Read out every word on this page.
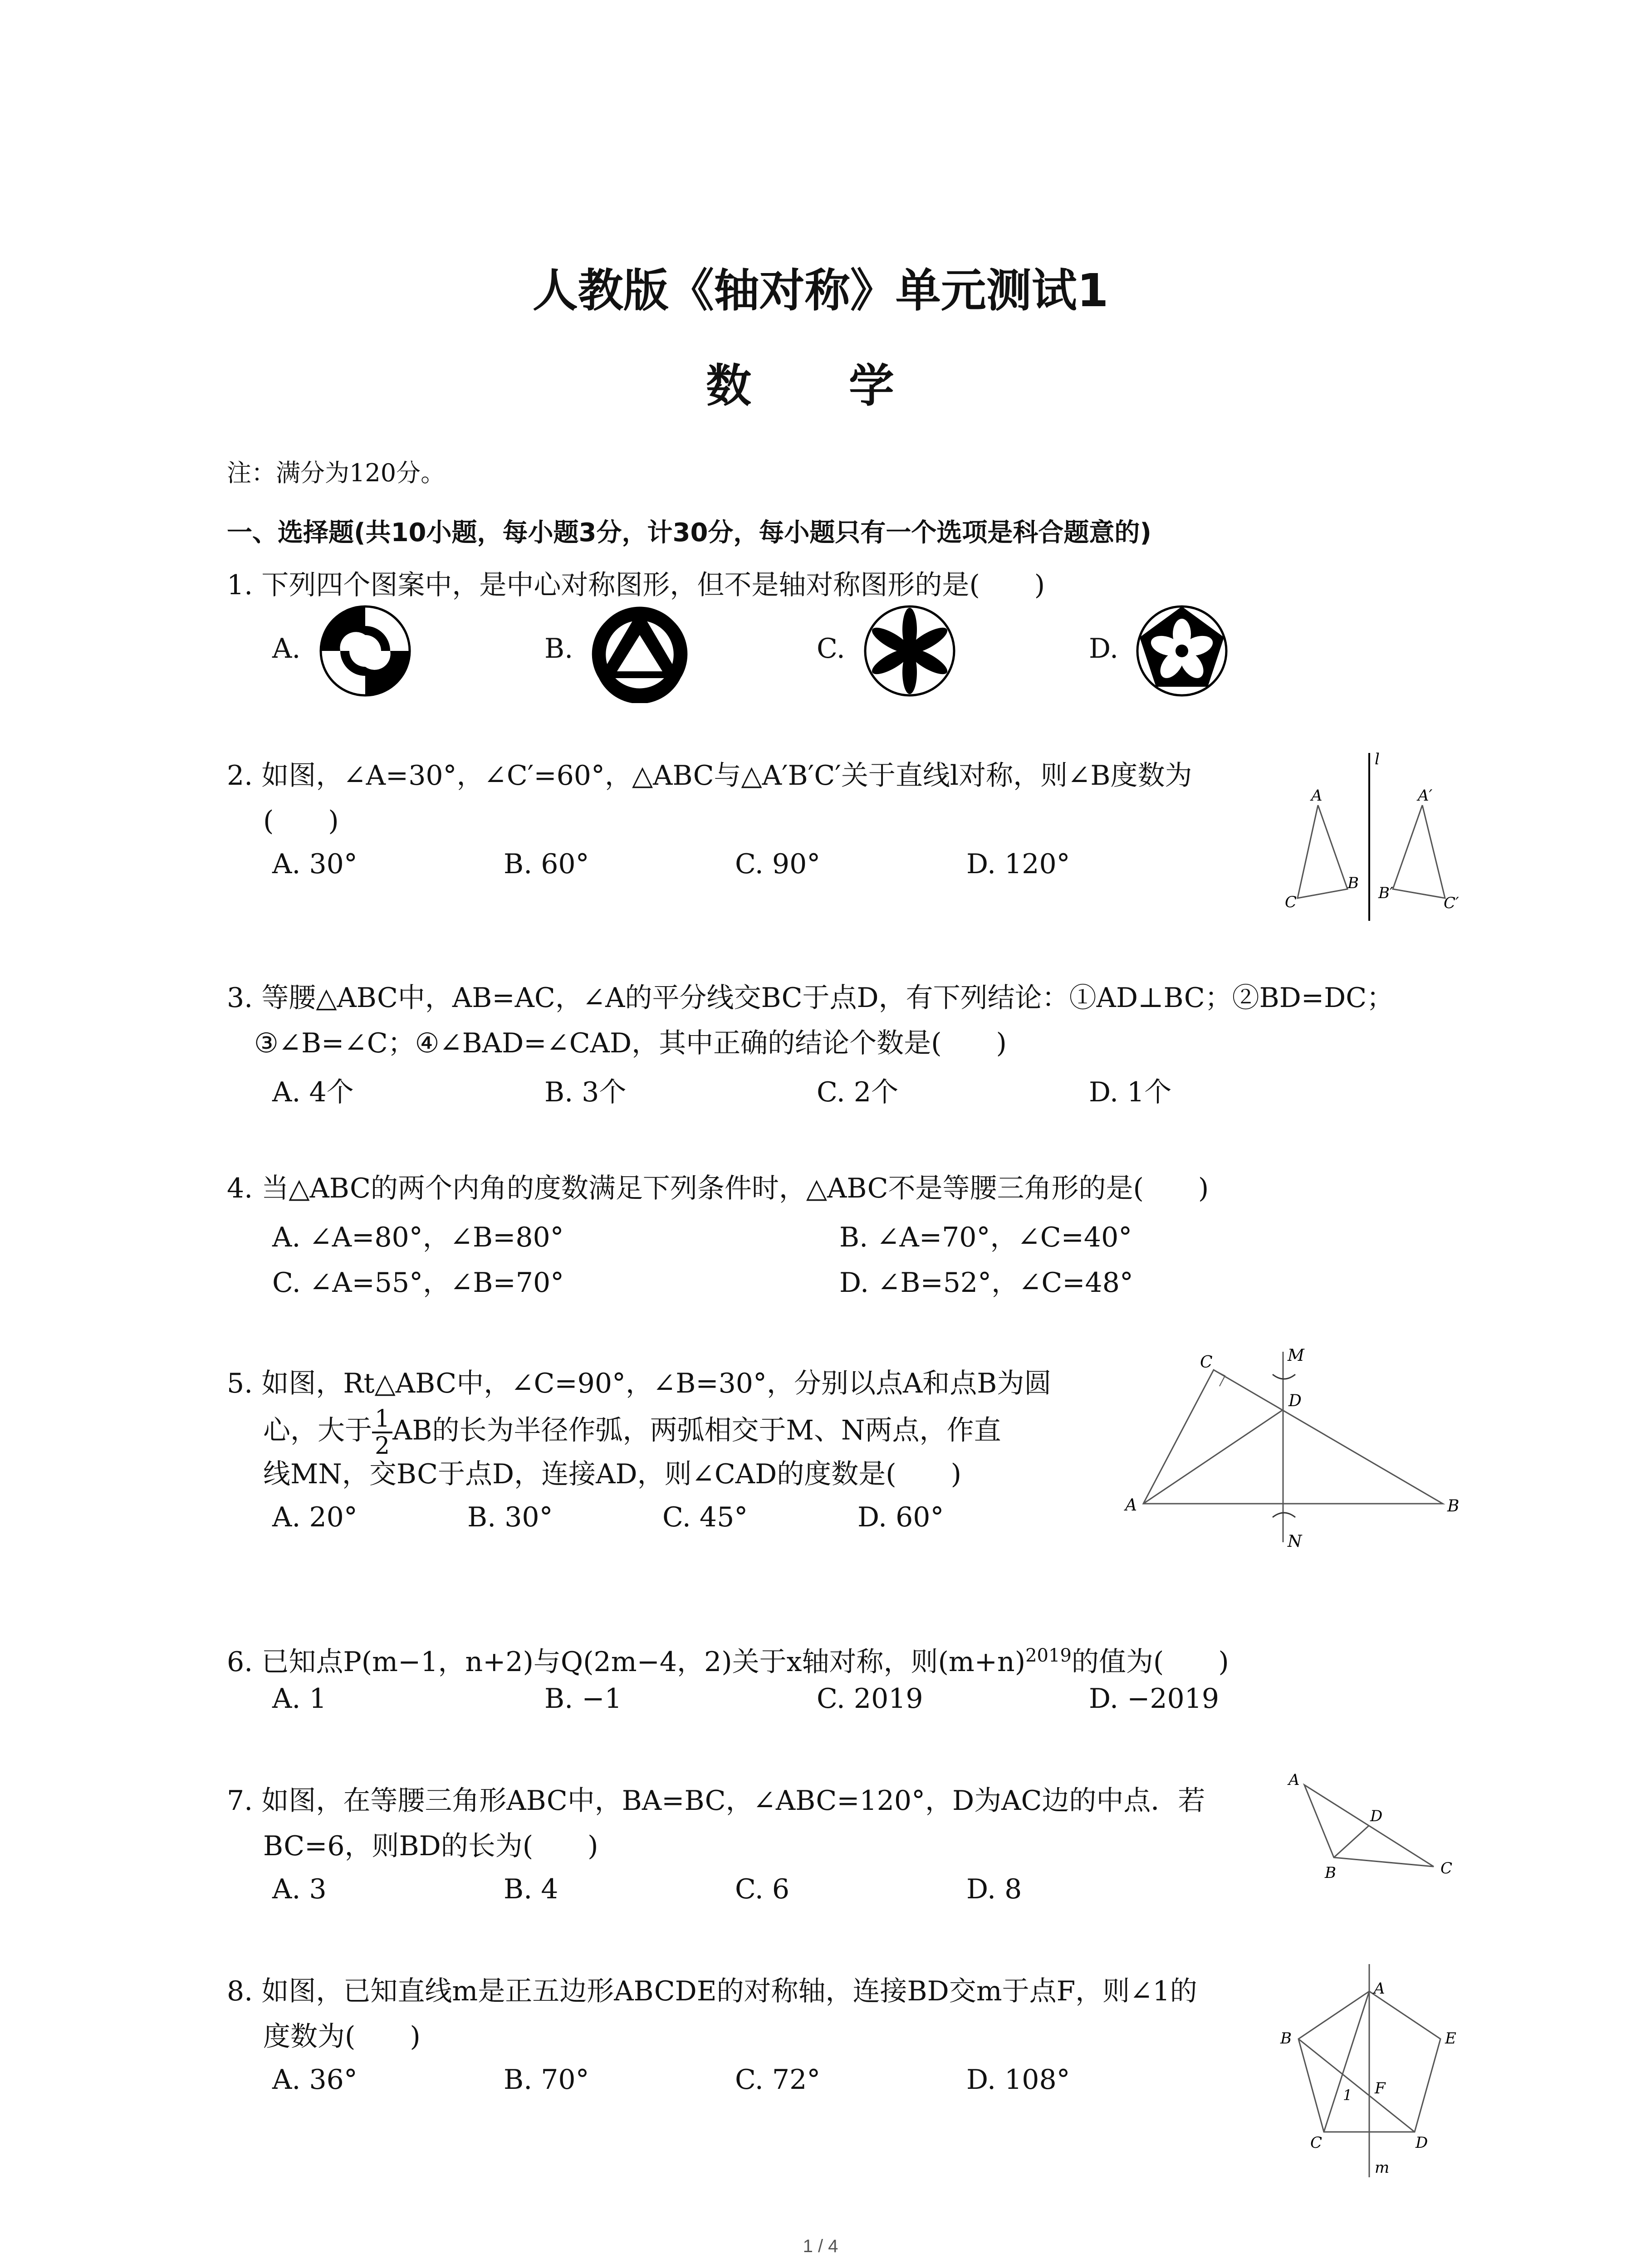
人教版《轴对称》单元测试1
数 学
注：满分为120分。
一、选择题(共10小题，每小题3分，计30分，每小题只有一个选项是科合题意的)
1. 下列四个图案中，是中心对称图形，但不是轴对称图形的是(　　)
A.	B.	C.	D.
2. 如图，∠A=30°，∠C′=60°，△ABC与△A′B′C′关于直线l对称，则∠B度数为
(　　)
A. 30°	B. 60°	C. 90°	D. 120°
l
A
C
B
A′
B′
C′
3. 等腰△ABC中，AB=AC，∠A的平分线交BC于点D，有下列结论：①AD⊥BC；②BD=DC；
③∠B=∠C；④∠BAD=∠CAD，其中正确的结论个数是(　　)
A. 4个	B. 3个	C. 2个	D. 1个
4. 当△ABC的两个内角的度数满足下列条件时，△ABC不是等腰三角形的是(　　)
A. ∠A=80°，∠B=80°	B. ∠A=70°，∠C=40°
C. ∠A=55°，∠B=70°	D. ∠B=52°，∠C=48°
5. 如图，Rt△ABC中，∠C=90°，∠B=30°，分别以点A和点B为圆
心，大于 $\frac{1}{2}$ AB的长为半径作弧，两弧相交于M、N两点，作直
线MN，交BC于点D，连接AD，则∠CAD的度数是(　　)
A. 20°	B. 30°	C. 45°	D. 60°
C	M
D
A	B
N
6. 已知点P(m−1，n+2)与Q(2m−4，2)关于x轴对称，则$(m+n)^{2019}$的值为(　　)
A. 1	B. −1	C. 2019	D. −2019
7. 如图，在等腰三角形ABC中，BA=BC，∠ABC=120°，D为AC边的中点．若
BC=6，则BD的长为(　　)
A. 3	B. 4	C. 6	D. 8
A
D
B	C
8. 如图，已知直线m是正五边形ABCDE的对称轴，连接BD交m于点F，则∠1的
度数为(　　)
A. 36°	B. 70°	C. 72°	D. 108°
A
B	E
1 F
C	D
m
1 / 4
